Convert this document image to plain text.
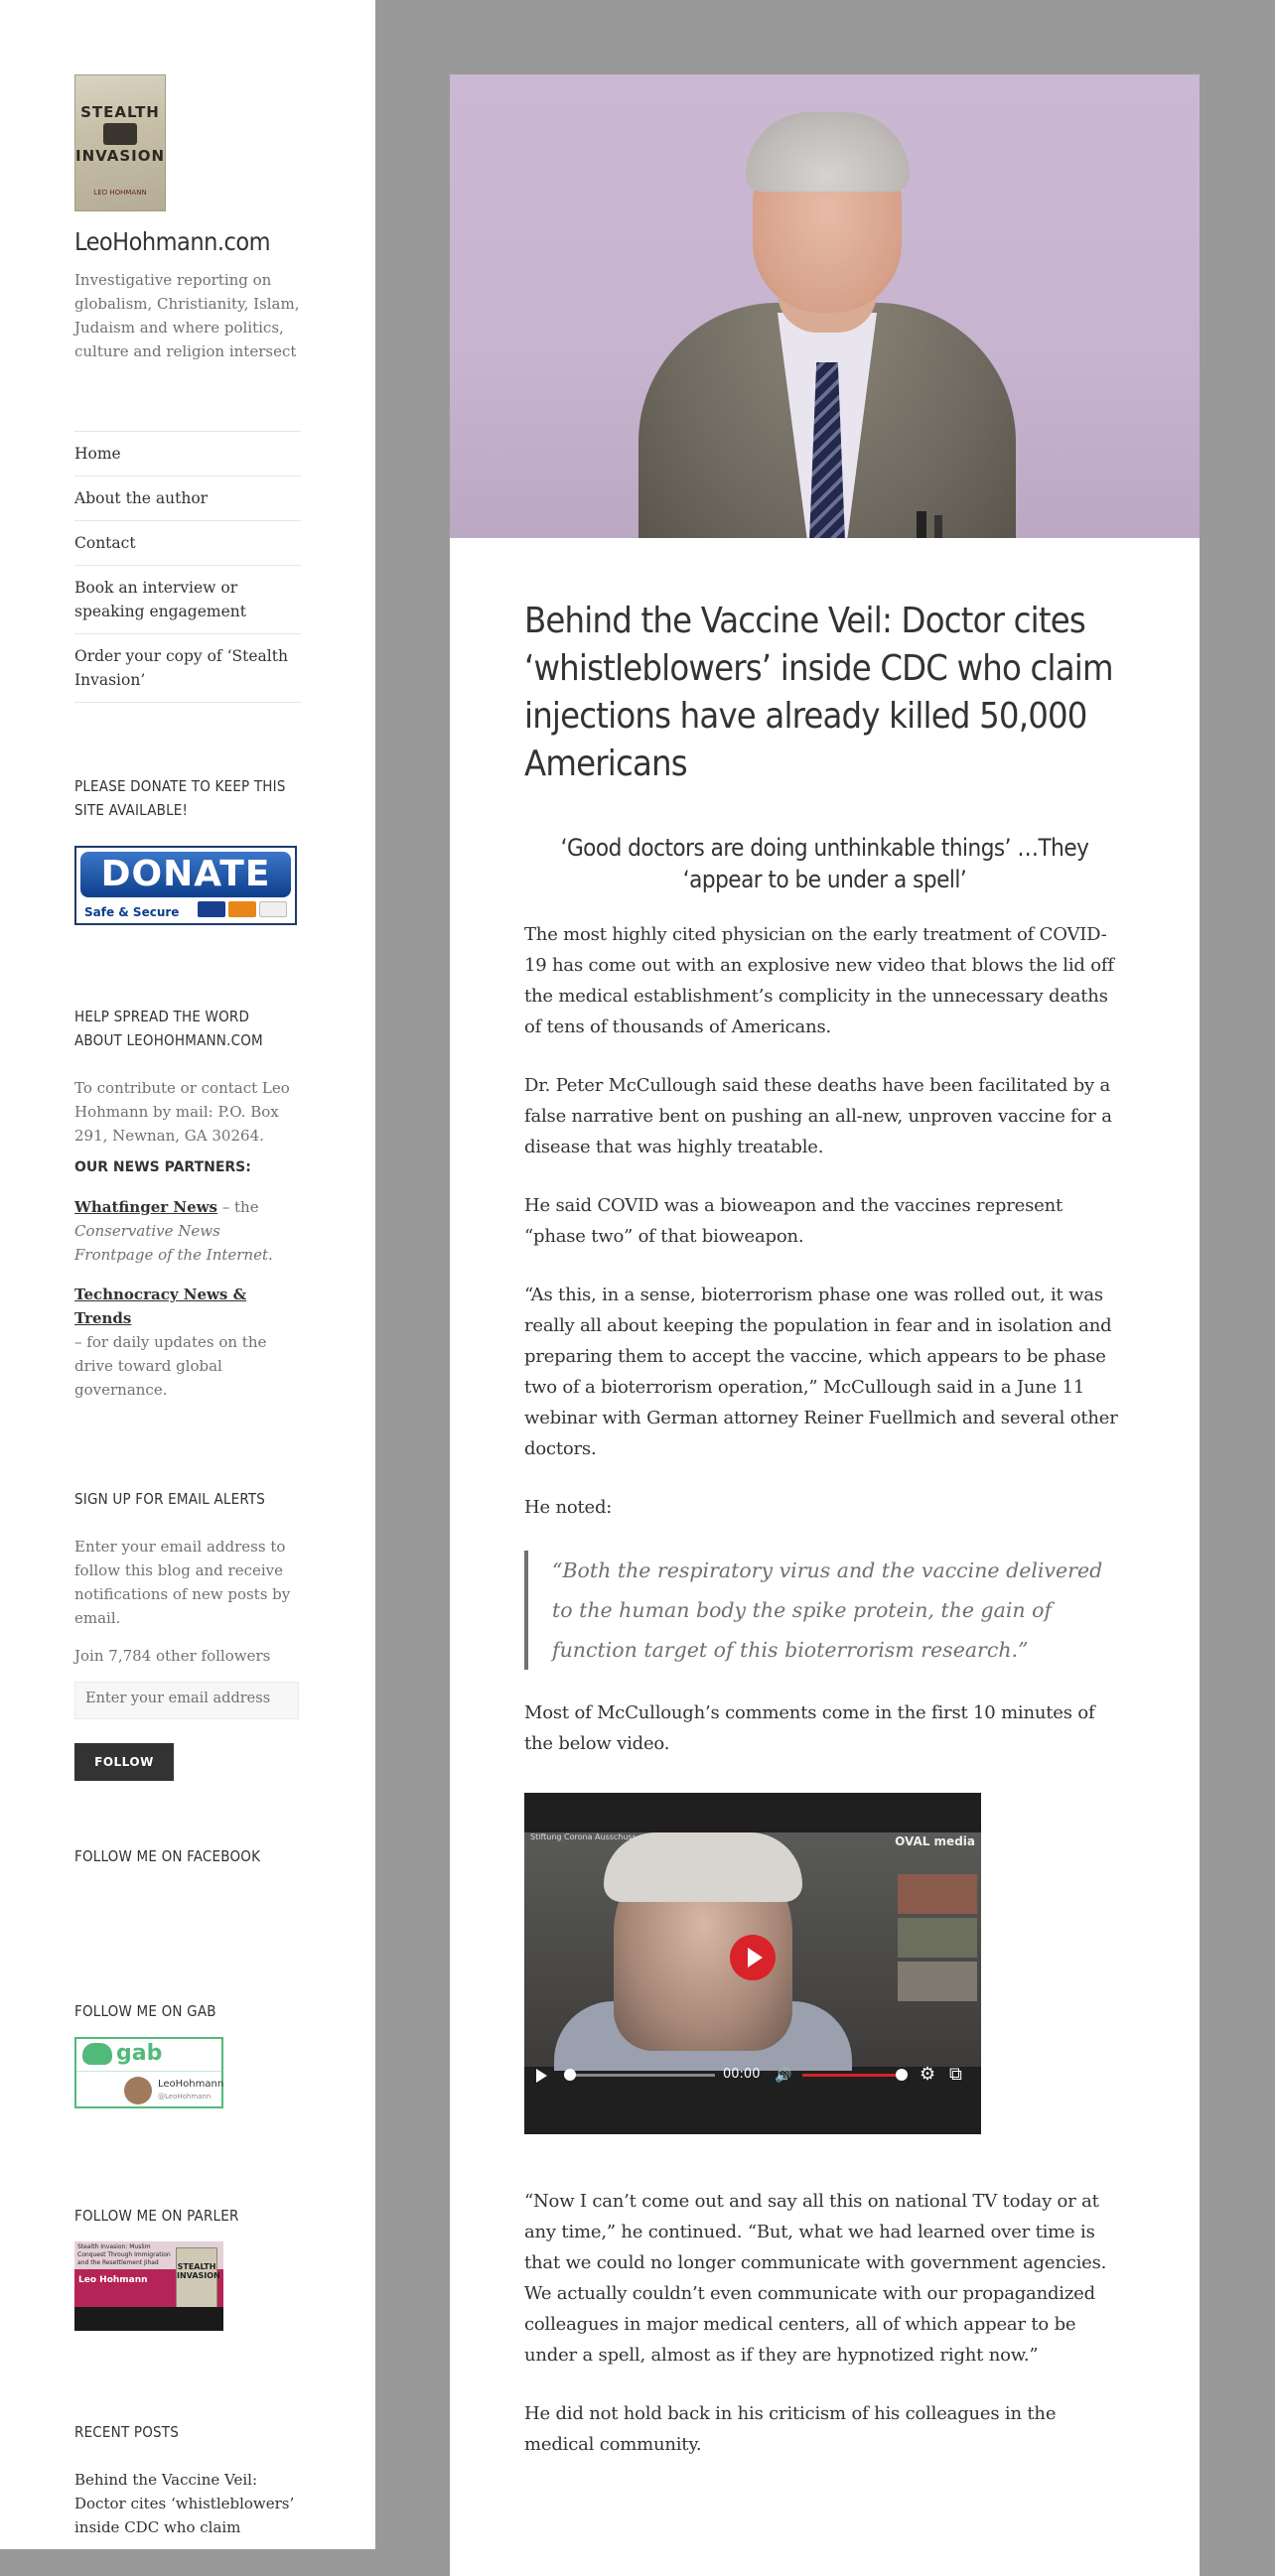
STEALTH
INVASION
LEO HOHMANN
LeoHohmann.com
Investigative reporting on globalism, Christianity, Islam, Judaism and where politics, culture and religion intersect
Home
About the author
Contact
Book an interview or speaking engagement
Order your copy of ‘Stealth Invasion’
PLEASE DONATE TO KEEP THIS SITE AVAILABLE!
DONATE
Safe & Secure
HELP SPREAD THE WORD ABOUT LEOHOHMANN.COM
To contribute or contact Leo Hohmann by mail: P.O. Box 291, Newnan, GA 30264.
OUR NEWS PARTNERS:
Whatfinger News – the Conservative News Frontpage of the Internet.
Technocracy News & Trends
– for daily updates on the drive toward global governance.
SIGN UP FOR EMAIL ALERTS
Enter your email address to follow this blog and receive notifications of new posts by email.
Join 7,784 other followers
Enter your email address
FOLLOW
FOLLOW ME ON FACEBOOK
FOLLOW ME ON GAB
gab
LeoHohmann
@LeoHohmann
FOLLOW ME ON PARLER
Stealth Invasion: Muslim Conquest Through Immigration and the Resettlement Jihad	STEALTH INVASION
Leo Hohmann
RECENT POSTS
Behind the Vaccine Veil: Doctor cites ‘whistleblowers’ inside CDC who claim
Behind the Vaccine Veil: Doctor cites ‘whistleblowers’ inside CDC who claim injections have already killed 50,000 Americans
‘Good doctors are doing unthinkable things’ …They ‘appear to be under a spell’
The most highly cited physician on the early treatment of COVID-19 has come out with an explosive new video that blows the lid off the medical establishment’s complicity in the unnecessary deaths of tens of thousands of Americans.
Dr. Peter McCullough said these deaths have been facilitated by a false narrative bent on pushing an all-new, unproven vaccine for a disease that was highly treatable.
He said COVID was a bioweapon and the vaccines represent “phase two” of that bioweapon.
“As this, in a sense, bioterrorism phase one was rolled out, it was really all about keeping the population in fear and in isolation and preparing them to accept the vaccine, which appears to be phase two of a bioterrorism operation,” McCullough said in a June 11 webinar with German attorney Reiner Fuellmich and several other doctors.
He noted:
“Both the respiratory virus and the vaccine delivered to the human body the spike protein, the gain of function target of this bioterrorism research.”
Most of McCullough’s comments come in the first 10 minutes of the below video.
Stiftung Corona Ausschuss	OVAL media
00:00 🔊	⚙ ⧉
“Now I can’t come out and say all this on national TV today or at any time,” he continued. “But, what we had learned over time is that we could no longer communicate with government agencies. We actually couldn’t even communicate with our propagandized colleagues in major medical centers, all of which appear to be under a spell, almost as if they are hypnotized right now.”
He did not hold back in his criticism of his colleagues in the medical community.
